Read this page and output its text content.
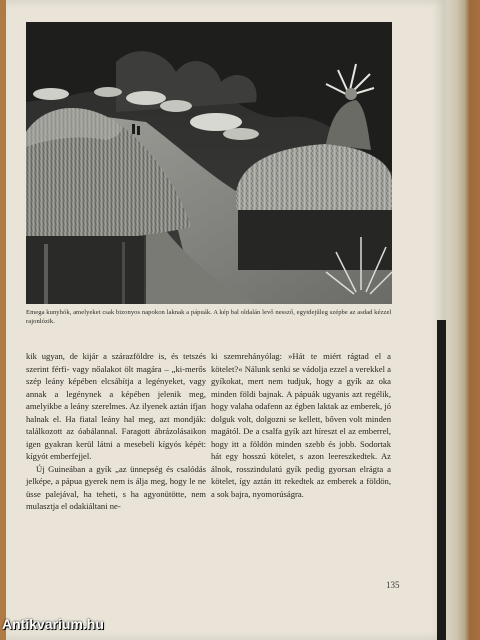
Emega kunyhók, amelyeket csak bizonyos napokon laknak a pápuák. A kép bal oldalán levő nessző, egyidejűleg szépbe az asdad kézzel rajonlózik.

kik ugyan, de kijár a szárazföldre is, és tetszés szerint férfi- vagy nőalakot ölt magára – „ki-merős szép leány képében elcsábítja a legényeket, vagy annak a legénynek a képében jelenik meg, amelyikbe a leány szerelmes. Az ilyenek aztán ifjan halnak el. Ha fiatal leány hal meg, azt mondják: találkozott az óabálannal. Faragott ábrázolásaikon igen gyakran kerül látni a mesebeli kígyós képét: kígyót emberfejjel.

Új Guineában a gyík „az ünnepség és csalódás jelképe, a pápua gyerek nem is álja meg, hogy le ne üsse palejával, ha teheti, s ha agyonütötte, nem mulasztja el odakiáltani ne-

ki szemrehányólag: »Hát te miért rágtad el a kötelet?« Nálunk senki se vádolja ezzel a verekkel a gyíkokat, mert nem tudjuk, hogy a gyík az oka minden földi bajnak. A pápuák ugyanis azt regélik, hogy valaha odafenn az égben laktak az emberek, jó dolguk volt, dolgozni se kellett, bőven volt minden magától. De a csalfa gyík azt híreszt el az emberrel, hogy itt a földön minden szebb és jobb. Sodortak hát egy hosszú kötelet, s azon leereszkedtek. Az álnok, rosszindulatú gyík pedig gyorsan elrágta a kötelet, így aztán itt rekedtek az emberek a földön, a sok bajra, nyomorúságra.

135
Antikvarium.hu
